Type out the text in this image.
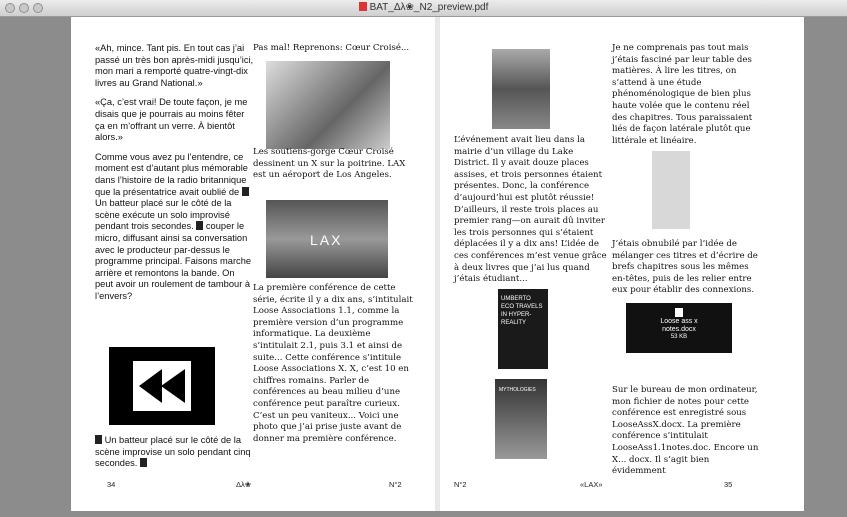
BAT_Δλ❀_N2_preview.pdf

«Ah, mince. Tant pis. En tout cas j’ai passé un très bon après-midi jusqu’ici, mon mari a remporté quatre-vingt-dix livres au Grand National.»

«Ça, c’est vrai! De toute façon, je me disais que je pourrais au moins fêter ça en m’offrant un verre. À bientôt alors.»

Comme vous avez pu l’entendre, ce moment est d’autant plus mémorable dans l’histoire de la radio britannique que la présentatrice avait oublié de  Un batteur placé sur le côté de la scène exécute un solo improvisé pendant trois secondes. couper le micro, diffusant ainsi sa conversation avec le producteur par-dessus le programme principal. Faisons marche arrière et remontons la bande. On peut avoir un roulement de tambour à l’envers?

Un batteur placé sur le côté de la scène improvise un solo pendant cinq secondes.
Pas mal! Reprenons: Cœur Croisé...
Les soutiens-gorge Cœur Croisé dessinent un X sur la poitrine. LAX est un aéroport de Los Angeles.
LAX
La première conférence de cette série, écrite il y a dix ans, s’intitulait Loose Associations 1.1, comme la première version d’un programme informatique. La deuxième s’intitulait 2.1, puis 3.1 et ainsi de suite... Cette conférence s’intitule Loose Associations X. X, c’est 10 en chiffres romains. Parler de conférences au beau milieu d’une conférence peut paraître curieux. C’est un peu vaniteux... Voici une photo que j’ai prise juste avant de donner ma première conférence.
34	Δλ❀	N°2
L’événement avait lieu dans la mairie d’un village du Lake District. Il y avait douze places assises, et trois personnes étaient présentes. Donc, la conférence d’aujourd’hui est plutôt réussie! D’ailleurs, il reste trois places au premier rang—on aurait dû inviter les trois personnes qui s’étaient déplacées il y a dix ans! L’idée de ces conférences m’est venue grâce à deux livres que j’ai lus quand j’étais étudiant...
UMBERTO ECO TRAVELS IN HYPER-REALITY
MYTHOLOGIES
Je ne comprenais pas tout mais j’étais fasciné par leur table des matières. À lire les titres, on s’attend à une étude phénoménologique de bien plus haute volée que le contenu réel des chapitres. Tous paraissaient liés de façon latérale plutôt que littérale et linéaire.
J’étais obnubilé par l’idée de mélanger ces titres et d’écrire de brefs chapitres sous les mêmes en-têtes, puis de les relier entre eux pour établir des connexions.
Loose ass x notes.docx
53 KB
Sur le bureau de mon ordinateur, mon fichier de notes pour cette conférence est enregistré sous LooseAssX.docx. La première conférence s’intitulait LooseAss1.1notes.doc. Encore un X... docx. Il s’agit bien évidemment
N°2	«LAX»	35
